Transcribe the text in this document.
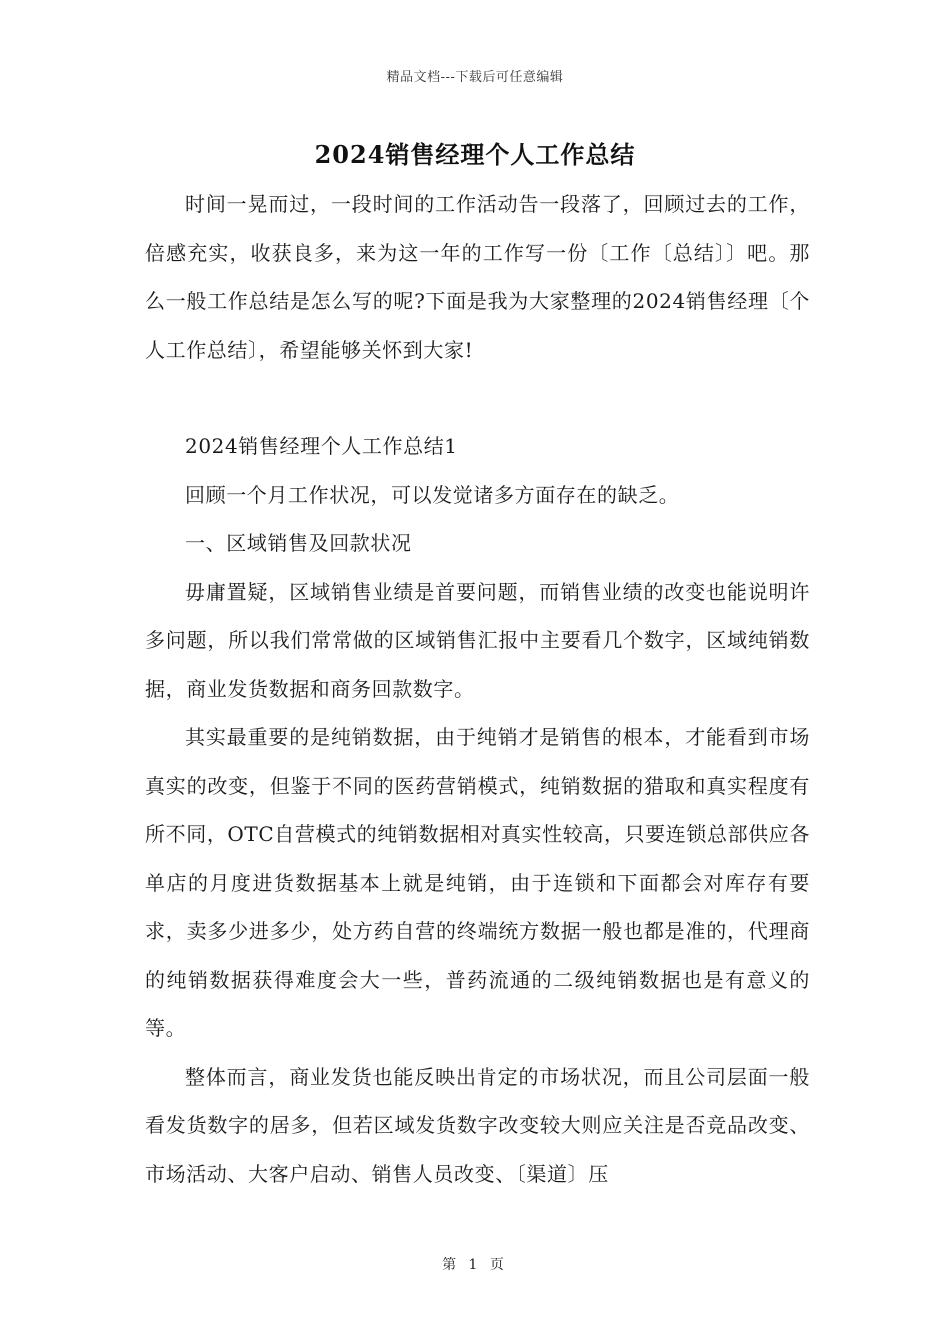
精品文档---下载后可任意编辑
2024销售经理个人工作总结

时间一晃而过，一段时间的工作活动告一段落了，回顾过去的工作，倍感充实，收获良多，来为这一年的工作写一份〔工作〔总结〕〕吧。那么一般工作总结是怎么写的呢?下面是我为大家整理的2024销售经理〔个人工作总结〕，希望能够关怀到大家!

2024销售经理个人工作总结1

回顾一个月工作状况，可以发觉诸多方面存在的缺乏。

一、区域销售及回款状况

毋庸置疑，区域销售业绩是首要问题，而销售业绩的改变也能说明许多问题，所以我们常常做的区域销售汇报中主要看几个数字，区域纯销数据，商业发货数据和商务回款数字。

其实最重要的是纯销数据，由于纯销才是销售的根本，才能看到市场真实的改变，但鉴于不同的医药营销模式，纯销数据的猎取和真实程度有所不同，OTC自营模式的纯销数据相对真实性较高，只要连锁总部供应各单店的月度进货数据基本上就是纯销，由于连锁和下面都会对库存有要求，卖多少进多少，处方药自营的终端统方数据一般也都是准的，代理商的纯销数据获得难度会大一些，普药流通的二级纯销数据也是有意义的等。

整体而言，商业发货也能反映出肯定的市场状况，而且公司层面一般看发货数字的居多，但若区域发货数字改变较大则应关注是否竞品改变、市场活动、大客户启动、销售人员改变、〔渠道〕压

第 1 页
